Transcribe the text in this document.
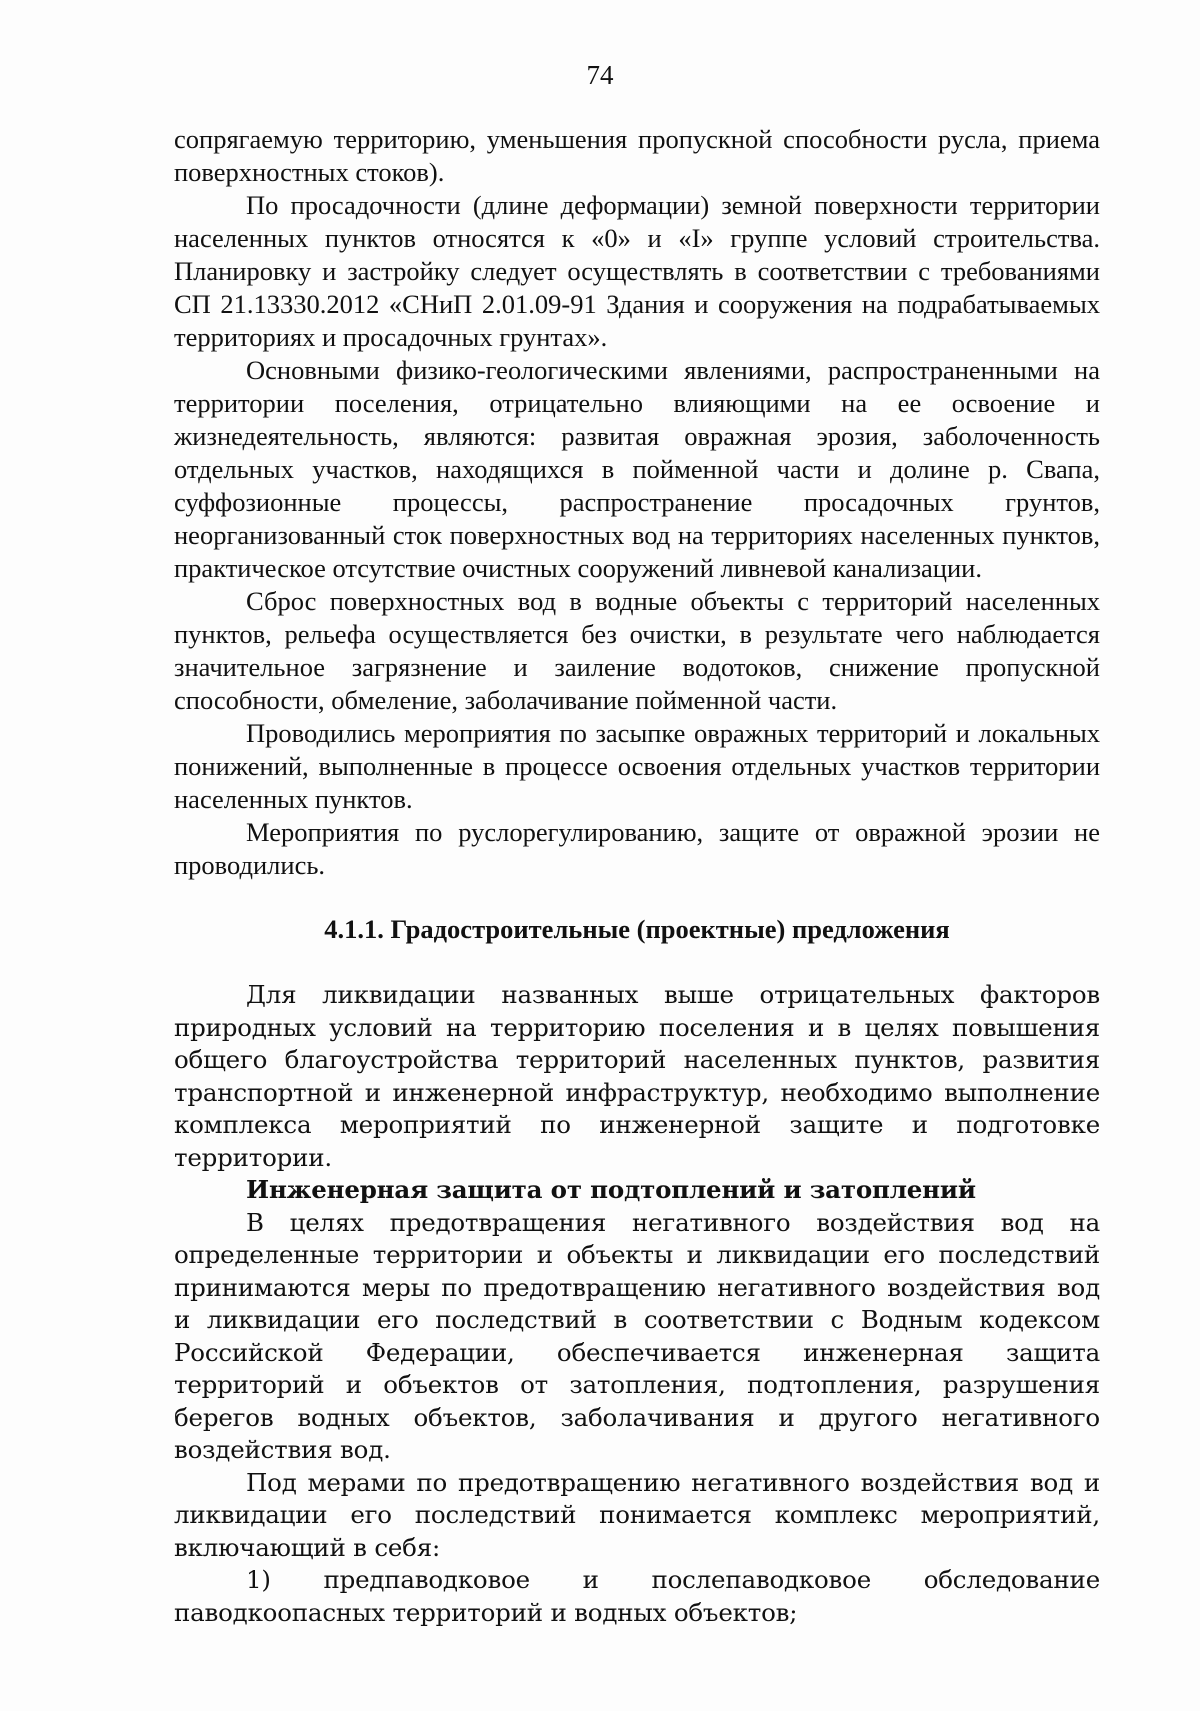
74

сопрягаемую территорию, уменьшения пропускной способности русла, приема поверхностных стоков).

По просадочности (длине деформации) земной поверхности территории населенных пунктов относятся к «0» и «I» группе условий строительства. Планировку и застройку следует осуществлять в соответствии с требованиями СП 21.13330.2012 «СНиП 2.01.09-91 Здания и сооружения на подрабатываемых территориях и просадочных грунтах».

Основными физико-геологическими явлениями, распространенными на территории поселения, отрицательно влияющими на ее освоение и жизнедеятельность, являются: развитая овражная эрозия, заболоченность отдельных участков, находящихся в пойменной части и долине р. Свапа, суффозионные процессы, распространение просадочных грунтов, неорганизованный сток поверхностных вод на территориях населенных пунктов, практическое отсутствие очистных сооружений ливневой канализации.

Сброс поверхностных вод в водные объекты с территорий населенных пунктов, рельефа осуществляется без очистки, в результате чего наблюдается значительное загрязнение и заиление водотоков, снижение пропускной способности, обмеление, заболачивание пойменной части.

Проводились мероприятия по засыпке овражных территорий и локальных понижений, выполненные в процессе освоения отдельных участков территории населенных пунктов.

Мероприятия по руслорегулированию, защите от овражной эрозии не проводились.

4.1.1. Градостроительные (проектные) предложения

Для ликвидации названных выше отрицательных факторов природных условий на территорию поселения и в целях повышения общего благоустройства территорий населенных пунктов, развития транспортной и инженерной инфраструктур, необходимо выполнение комплекса мероприятий по инженерной защите и подготовке территории.

Инженерная защита от подтоплений и затоплений

В целях предотвращения негативного воздействия вод на определенные территории и объекты и ликвидации его последствий принимаются меры по предотвращению негативного воздействия вод и ликвидации его последствий в соответствии с Водным кодексом Российской Федерации, обеспечивается инженерная защита территорий и объектов от затопления, подтопления, разрушения берегов водных объектов, заболачивания и другого негативного воздействия вод.

Под мерами по предотвращению негативного воздействия вод и ликвидации его последствий понимается комплекс мероприятий, включающий в себя:

1) предпаводковое и послепаводковое обследование паводкоопасных территорий и водных объектов;
